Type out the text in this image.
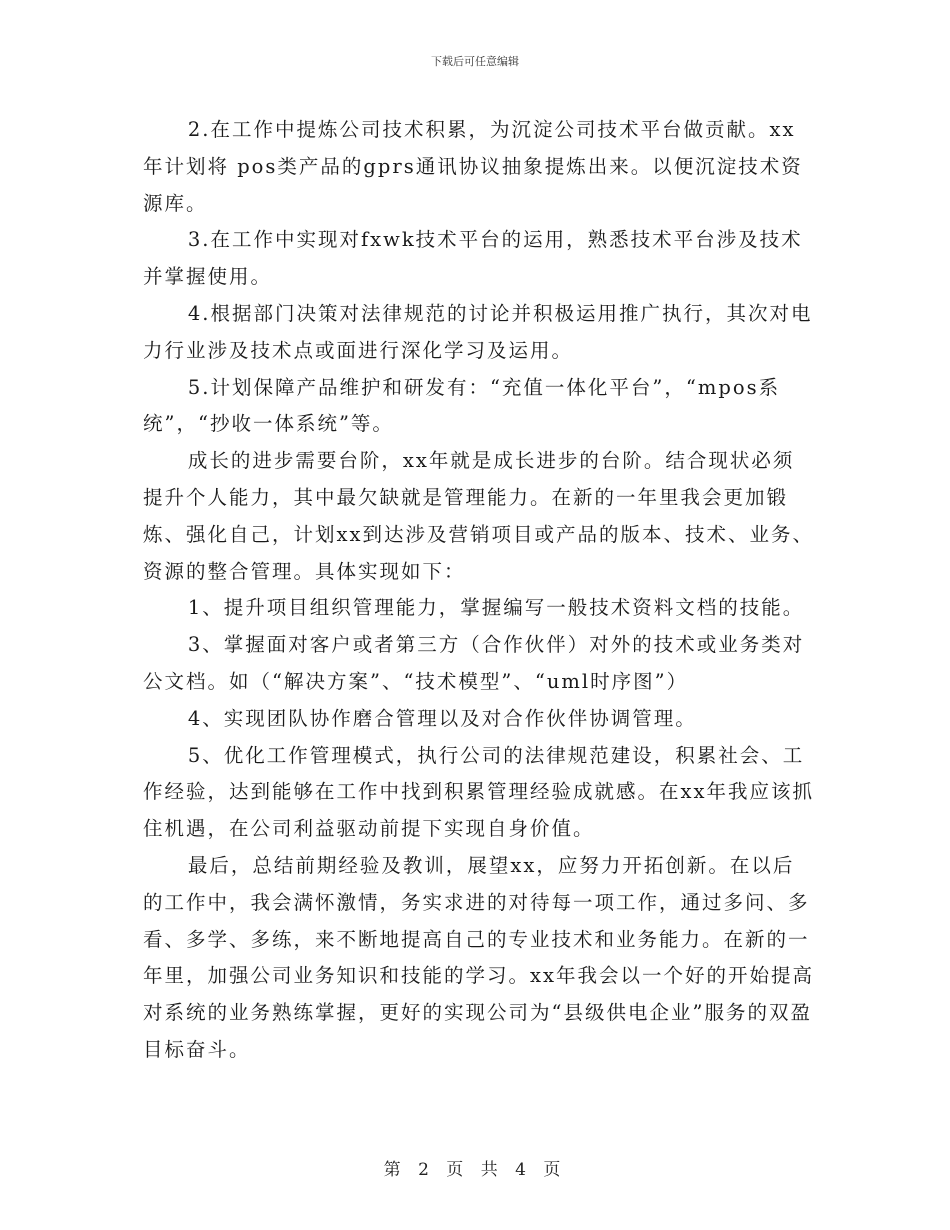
下载后可任意编辑

2.在工作中提炼公司技术积累，为沉淀公司技术平台做贡献。xx年计划将 pos类产品的gprs通讯协议抽象提炼出来。以便沉淀技术资源库。

3.在工作中实现对fxwk技术平台的运用，熟悉技术平台涉及技术并掌握使用。

4.根据部门决策对法律规范的讨论并积极运用推广执行，其次对电力行业涉及技术点或面进行深化学习及运用。

5.计划保障产品维护和研发有：“充值一体化平台”，“mpos系统”，“抄收一体系统”等。

成长的进步需要台阶，xx年就是成长进步的台阶。结合现状必须提升个人能力，其中最欠缺就是管理能力。在新的一年里我会更加锻炼、强化自己，计划xx到达涉及营销项目或产品的版本、技术、业务、资源的整合管理。具体实现如下：

1、提升项目组织管理能力，掌握编写一般技术资料文档的技能。

3、掌握面对客户或者第三方（合作伙伴）对外的技术或业务类对公文档。如（“解决方案”、“技术模型”、“uml时序图”）

4、实现团队协作磨合管理以及对合作伙伴协调管理。

5、优化工作管理模式，执行公司的法律规范建设，积累社会、工作经验，达到能够在工作中找到积累管理经验成就感。在xx年我应该抓住机遇，在公司利益驱动前提下实现自身价值。

最后，总结前期经验及教训，展望xx，应努力开拓创新。在以后的工作中，我会满怀激情，务实求进的对待每一项工作，通过多问、多看、多学、多练，来不断地提高自己的专业技术和业务能力。在新的一年里，加强公司业务知识和技能的学习。xx年我会以一个好的开始提高对系统的业务熟练掌握，更好的实现公司为“县级供电企业”服务的双盈目标奋斗。

第 2 页 共 4 页
